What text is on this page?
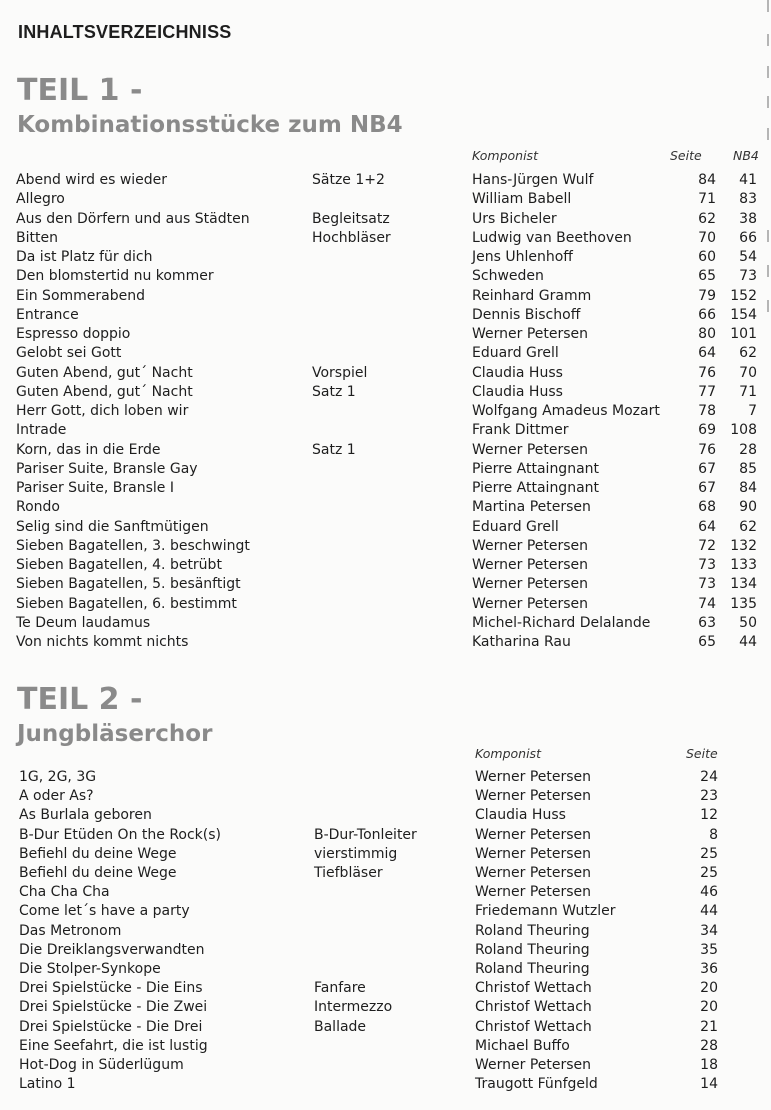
INHALTSVERZEICHNISS
TEIL 1 -
Kombinationsstücke zum NB4
Komponist	Seite	NB4
Abend wird es wieder	Sätze 1+2	Hans-Jürgen Wulf	84 41
Allegro	William Babell	71 83
Aus den Dörfern und aus Städten	Begleitsatz	Urs Bicheler	62 38
Bitten	Hochbläser	Ludwig van Beethoven	70 66
Da ist Platz für dich	Jens Uhlenhoff	60 54
Den blomstertid nu kommer	Schweden	65 73
Ein Sommerabend	Reinhard Gramm	79 152
Entrance	Dennis Bischoff	66 154
Espresso doppio	Werner Petersen	80 101
Gelobt sei Gott	Eduard Grell	64 62
Guten Abend, gut´ Nacht	Vorspiel	Claudia Huss	76 70
Guten Abend, gut´ Nacht	Satz 1	Claudia Huss	77 71
Herr Gott, dich loben wir	Wolfgang Amadeus Mozart	78 7
Intrade	Frank Dittmer	69 108
Korn, das in die Erde	Satz 1	Werner Petersen	76 28
Pariser Suite, Bransle Gay	Pierre Attaingnant	67 85
Pariser Suite, Bransle I	Pierre Attaingnant	67 84
Rondo	Martina Petersen	68 90
Selig sind die Sanftmütigen	Eduard Grell	64 62
Sieben Bagatellen, 3. beschwingt	Werner Petersen	72 132
Sieben Bagatellen, 4. betrübt	Werner Petersen	73 133
Sieben Bagatellen, 5. besänftigt	Werner Petersen	73 134
Sieben Bagatellen, 6. bestimmt	Werner Petersen	74 135
Te Deum laudamus	Michel-Richard Delalande	63 50
Von nichts kommt nichts	Katharina Rau	65 44
TEIL 2 -
Jungbläserchor
Komponist	Seite
1G, 2G, 3G	Werner Petersen	24
A oder As?	Werner Petersen	23
As Burlala geboren	Claudia Huss	12
B-Dur Etüden On the Rock(s)	B-Dur-Tonleiter	Werner Petersen	8
Befiehl du deine Wege	vierstimmig	Werner Petersen	25
Befiehl du deine Wege	Tiefbläser	Werner Petersen	25
Cha Cha Cha	Werner Petersen	46
Come let´s have a party	Friedemann Wutzler	44
Das Metronom	Roland Theuring	34
Die Dreiklangsverwandten	Roland Theuring	35
Die Stolper-Synkope	Roland Theuring	36
Drei Spielstücke - Die Eins	Fanfare	Christof Wettach	20
Drei Spielstücke - Die Zwei	Intermezzo	Christof Wettach	20
Drei Spielstücke - Die Drei	Ballade	Christof Wettach	21
Eine Seefahrt, die ist lustig	Michael Buffo	28
Hot-Dog in Süderlügum	Werner Petersen	18
Latino 1	Traugott Fünfgeld	14
